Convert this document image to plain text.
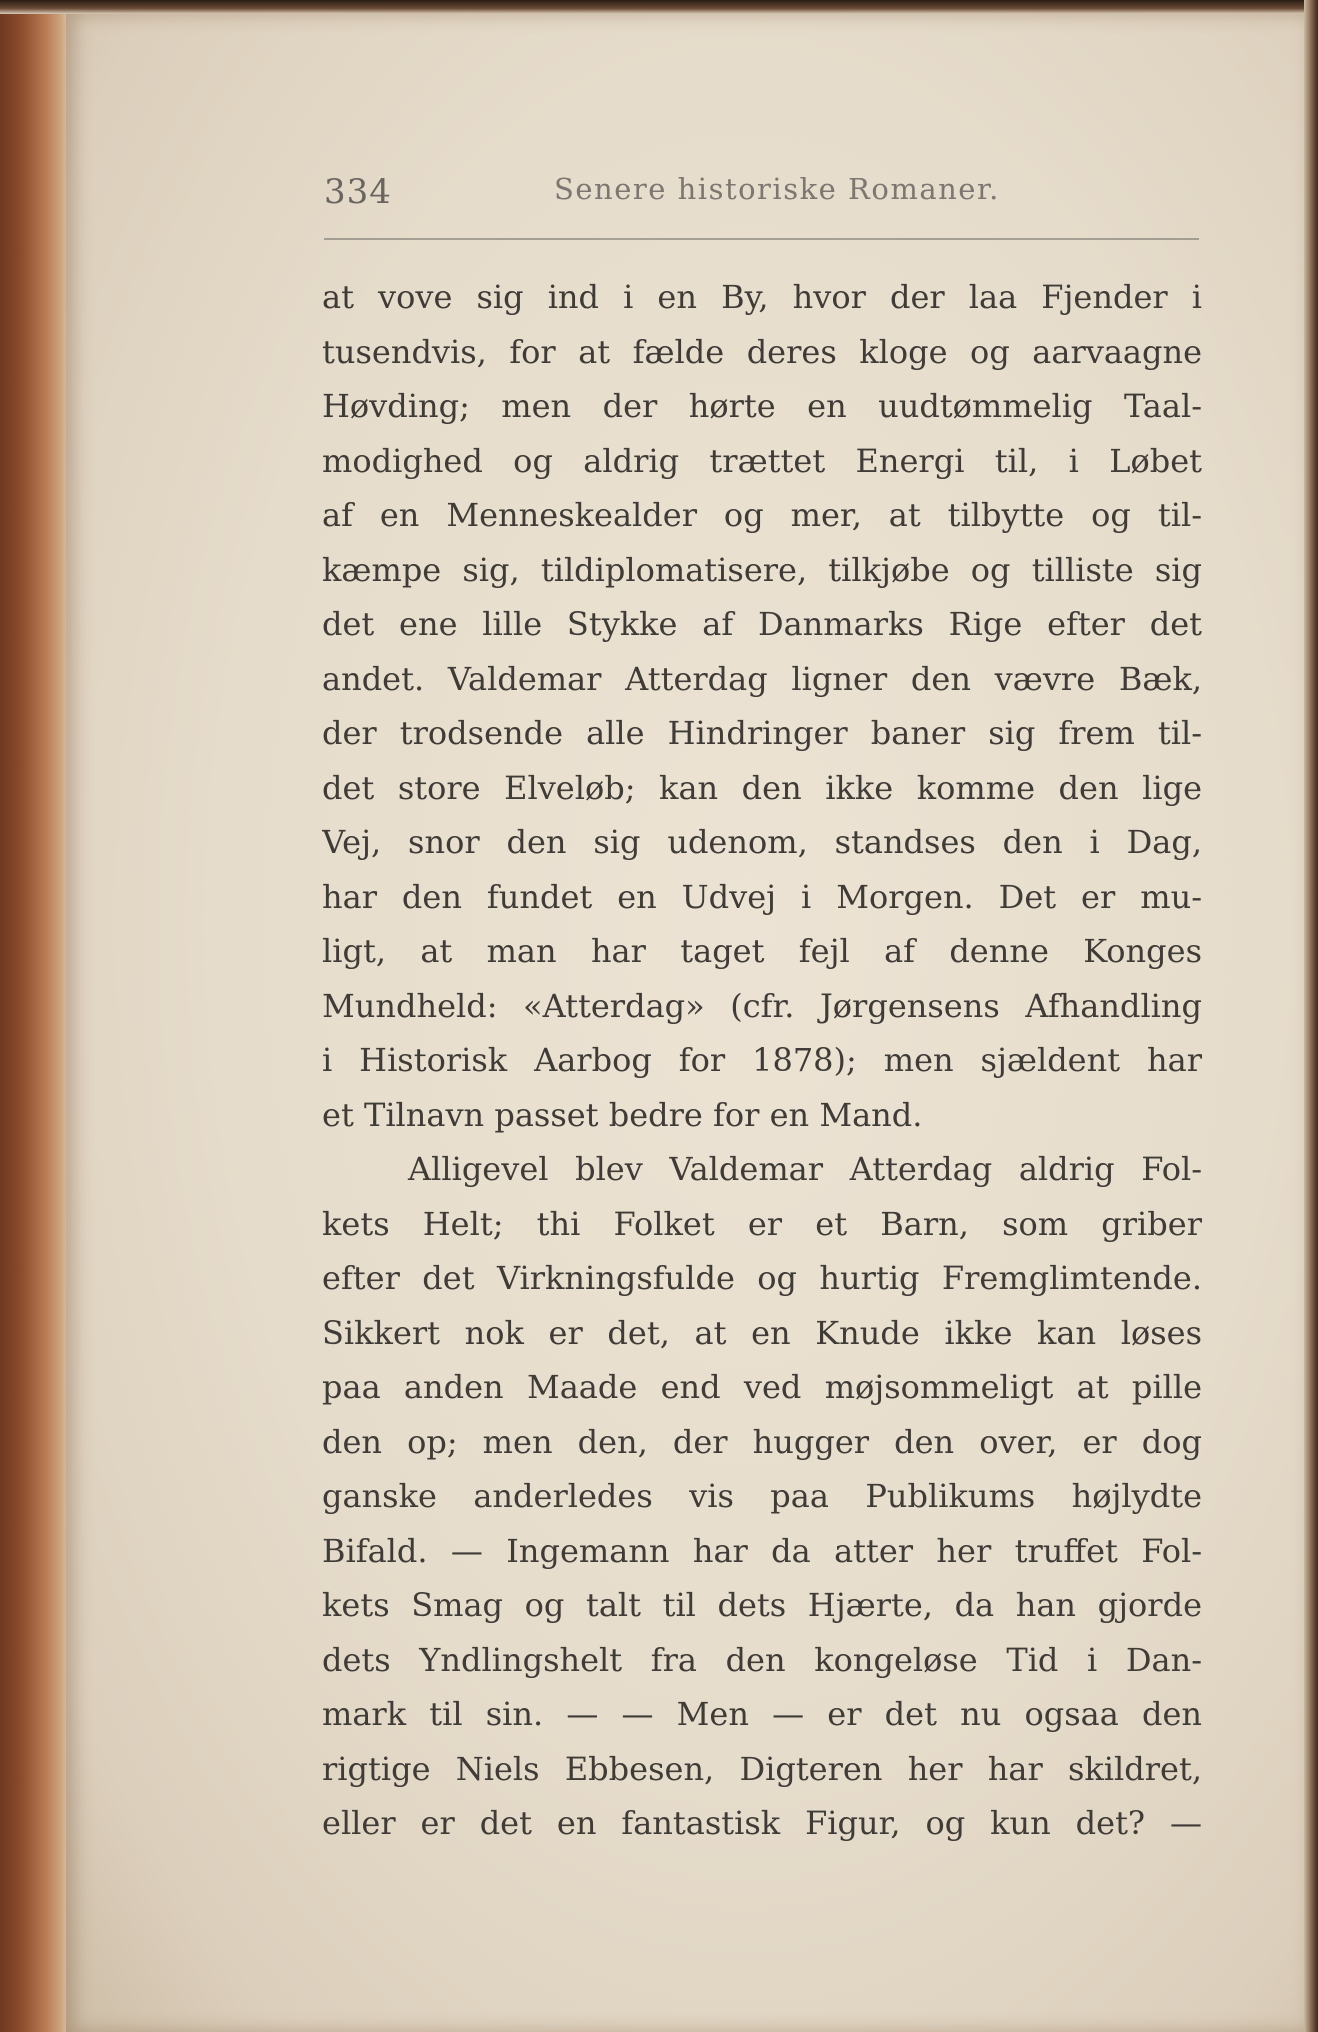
334	Senere historiske Romaner.
at vove sig ind i en By, hvor der laa Fjender i
tusendvis, for at fælde deres kloge og aarvaagne
Høvding; men der hørte en uudtømmelig Taal-
modighed og aldrig trættet Energi til, i Løbet
af en Menneskealder og mer, at tilbytte og til-
kæmpe sig, tildiplomatisere, tilkjøbe og tilliste sig
det ene lille Stykke af Danmarks Rige efter det
andet. Valdemar Atterdag ligner den vævre Bæk,
der trodsende alle Hindringer baner sig frem til-
det store Elveløb; kan den ikke komme den lige
Vej, snor den sig udenom, standses den i Dag,
har den fundet en Udvej i Morgen. Det er mu-
ligt, at man har taget fejl af denne Konges
Mundheld: «Atterdag» (cfr. Jørgensens Afhandling
i Historisk Aarbog for 1878); men sjældent har
et Tilnavn passet bedre for en Mand.
Alligevel blev Valdemar Atterdag aldrig Fol-
kets Helt; thi Folket er et Barn, som griber
efter det Virkningsfulde og hurtig Fremglimtende.
Sikkert nok er det, at en Knude ikke kan løses
paa anden Maade end ved møjsommeligt at pille
den op; men den, der hugger den over, er dog
ganske anderledes vis paa Publikums højlydte
Bifald. — Ingemann har da atter her truffet Fol-
kets Smag og talt til dets Hjærte, da han gjorde
dets Yndlingshelt fra den kongeløse Tid i Dan-
mark til sin. — — Men — er det nu ogsaa den
rigtige Niels Ebbesen, Digteren her har skildret,
eller er det en fantastisk Figur, og kun det? —
